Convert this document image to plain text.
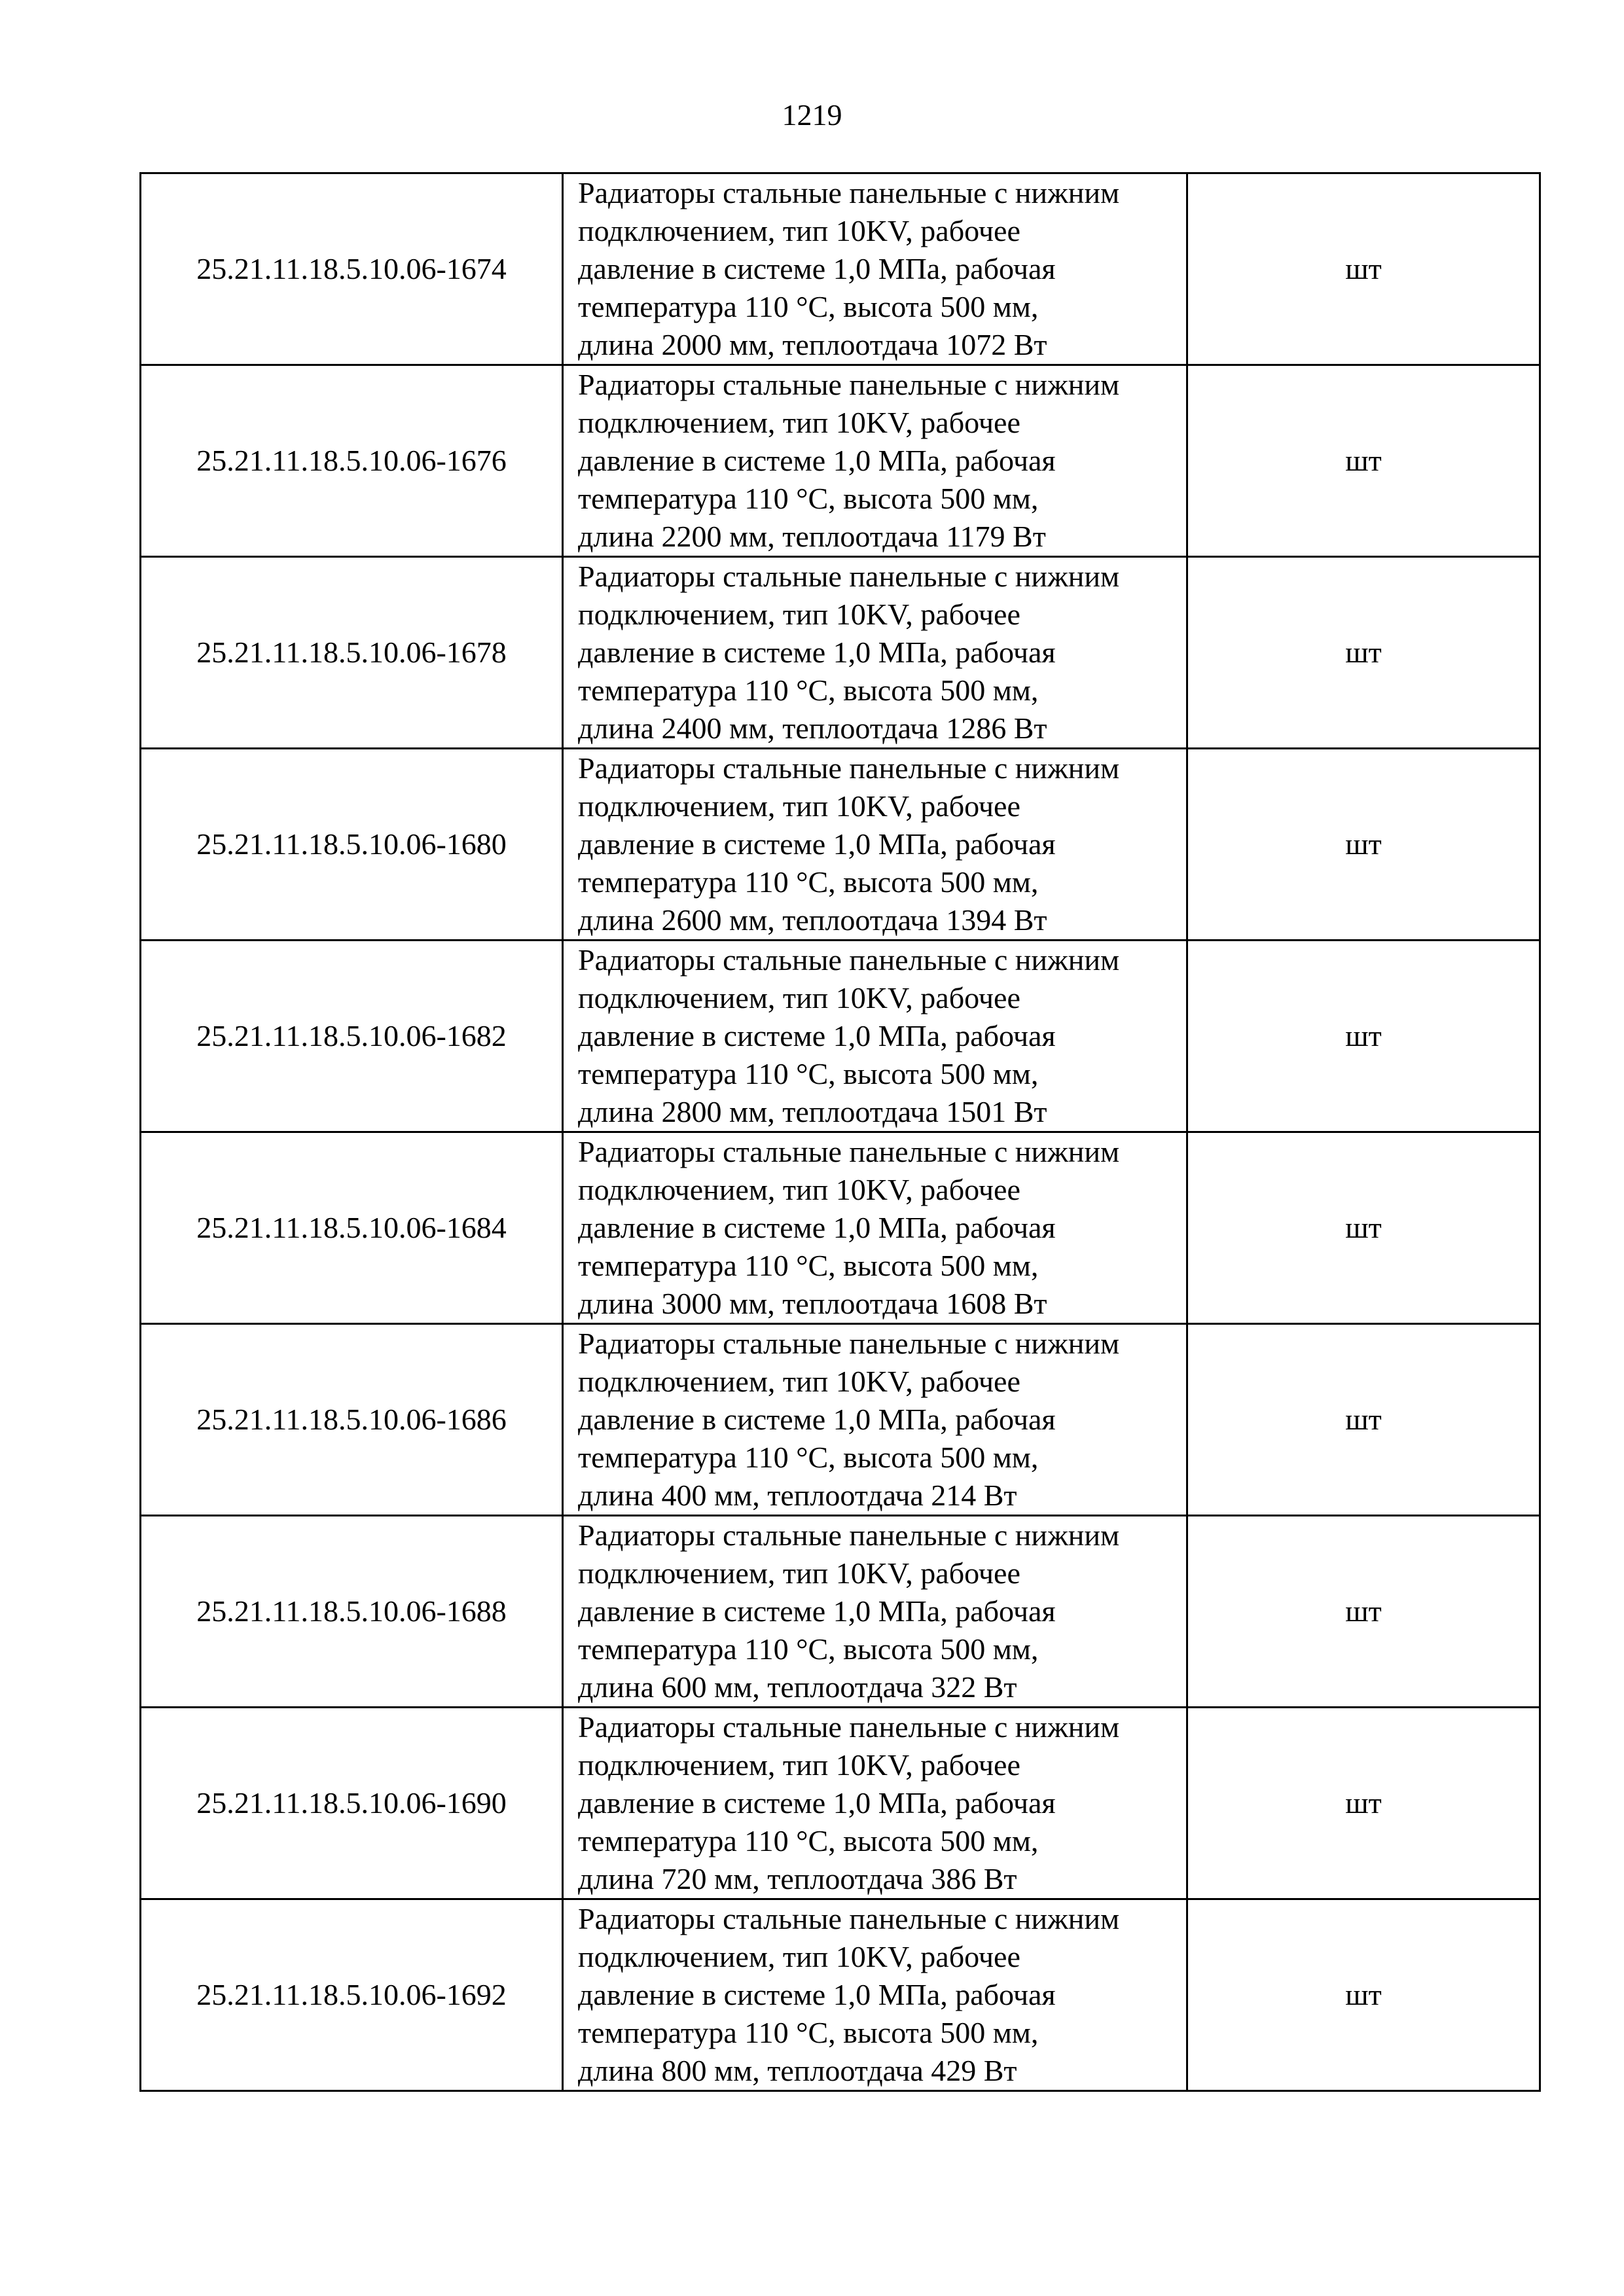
1219
25.21.11.18.5.10.06-1674	Радиаторы стальные панельные с нижним
подключением, тип 10KV, рабочее
давление в системе 1,0 МПа, рабочая
температура 110 °С, высота 500 мм,
длина 2000 мм, теплоотдача 1072 Вт	шт
25.21.11.18.5.10.06-1676	Радиаторы стальные панельные с нижним
подключением, тип 10KV, рабочее
давление в системе 1,0 МПа, рабочая
температура 110 °С, высота 500 мм,
длина 2200 мм, теплоотдача 1179 Вт	шт
25.21.11.18.5.10.06-1678	Радиаторы стальные панельные с нижним
подключением, тип 10KV, рабочее
давление в системе 1,0 МПа, рабочая
температура 110 °С, высота 500 мм,
длина 2400 мм, теплоотдача 1286 Вт	шт
25.21.11.18.5.10.06-1680	Радиаторы стальные панельные с нижним
подключением, тип 10KV, рабочее
давление в системе 1,0 МПа, рабочая
температура 110 °С, высота 500 мм,
длина 2600 мм, теплоотдача 1394 Вт	шт
25.21.11.18.5.10.06-1682	Радиаторы стальные панельные с нижним
подключением, тип 10KV, рабочее
давление в системе 1,0 МПа, рабочая
температура 110 °С, высота 500 мм,
длина 2800 мм, теплоотдача 1501 Вт	шт
25.21.11.18.5.10.06-1684	Радиаторы стальные панельные с нижним
подключением, тип 10KV, рабочее
давление в системе 1,0 МПа, рабочая
температура 110 °С, высота 500 мм,
длина 3000 мм, теплоотдача 1608 Вт	шт
25.21.11.18.5.10.06-1686	Радиаторы стальные панельные с нижним
подключением, тип 10KV, рабочее
давление в системе 1,0 МПа, рабочая
температура 110 °С, высота 500 мм,
длина 400 мм, теплоотдача 214 Вт	шт
25.21.11.18.5.10.06-1688	Радиаторы стальные панельные с нижним
подключением, тип 10KV, рабочее
давление в системе 1,0 МПа, рабочая
температура 110 °С, высота 500 мм,
длина 600 мм, теплоотдача 322 Вт	шт
25.21.11.18.5.10.06-1690	Радиаторы стальные панельные с нижним
подключением, тип 10KV, рабочее
давление в системе 1,0 МПа, рабочая
температура 110 °С, высота 500 мм,
длина 720 мм, теплоотдача 386 Вт	шт
25.21.11.18.5.10.06-1692	Радиаторы стальные панельные с нижним
подключением, тип 10KV, рабочее
давление в системе 1,0 МПа, рабочая
температура 110 °С, высота 500 мм,
длина 800 мм, теплоотдача 429 Вт	шт
